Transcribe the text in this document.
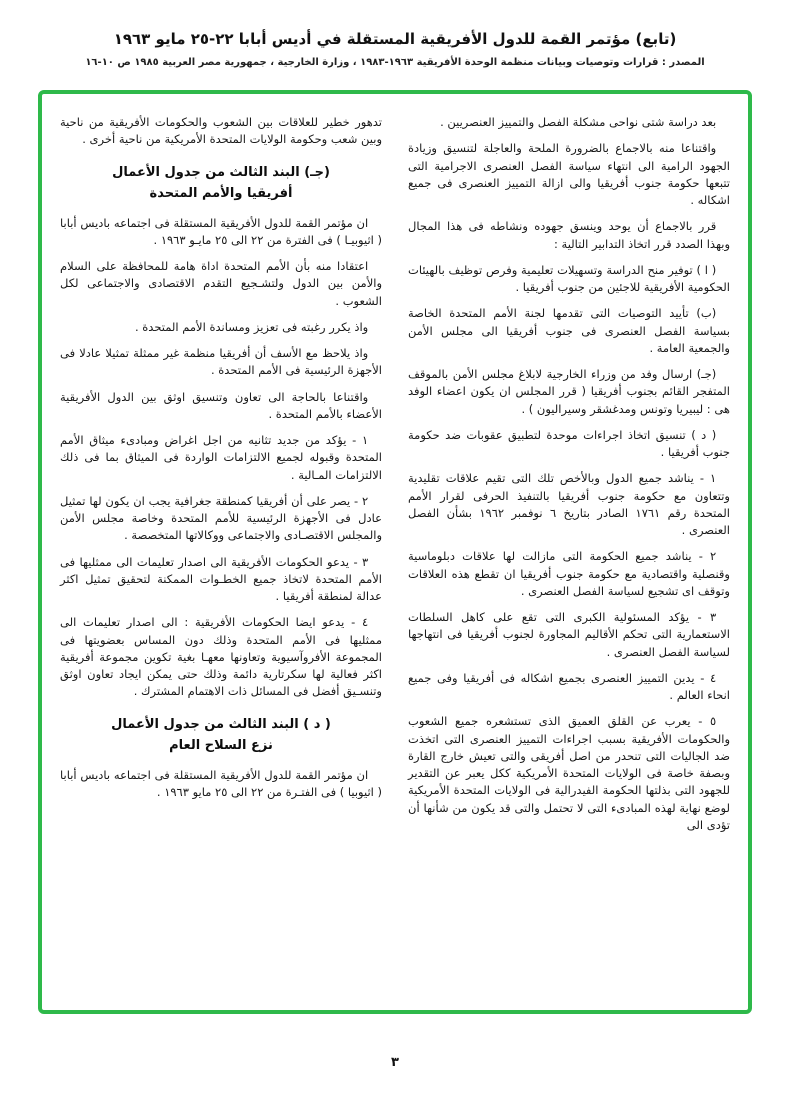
(تابع) مؤتمر القمة للدول الأفريقية المستقلة في أديس أبابا ٢٢-٢٥ مايو ١٩٦٣

المصدر : قرارات وتوصيات وبيانات منظمة الوحدة الأفريقية ١٩٦٣-١٩٨٣ ، وزارة الخارجية ، جمهورية مصر العربية ١٩٨٥ ص ١٠-١٦

بعد دراسة شتى نواحى مشكلة الفصل والتمييز العنصريين .

واقتناعا منه بالاجماع بالضرورة الملحة والعاجلة لتنسيق وزيادة الجهود الرامية الى انتهاء سياسة الفصل العنصرى الاجرامية التى تتبعها حكومة جنوب أفريقيا والى ازالة التمييز العنصرى فى جميع اشكاله .

قرر بالاجماع أن يوحد وينسق جهوده ونشاطه فى هذا المجال وبهذا الصدد قرر اتخاذ التدابير التالية :

( ا ) توفير منح الدراسة وتسهيلات تعليمية وفرص توظيف بالهيئات الحكومية الأفريقية للاجئين من جنوب أفريقيا .

(ب) تأييد التوصيات التى تقدمها لجنة الأمم المتحدة الخاصة بسياسة الفصل العنصرى فى جنوب أفريقيا الى مجلس الأمن والجمعية العامة .

(جـ) ارسال وفد من وزراء الخارجية لابلاغ مجلس الأمن بالموقف المتفجر القائم بجنوب أفريقيا ( قرر المجلس ان يكون اعضاء الوفد هى : ليبيريا وتونس ومدغشقر وسيراليون ) .

( د ) تنسيق اتخاذ اجراءات موحدة لتطبيق عقوبات ضد حكومة جنوب أفريقيا .

١ - يناشد جميع الدول وبالأخص تلك التى تقيم علاقات تقليدية وتتعاون مع حكومة جنوب أفريقيا بالتنفيذ الحرفى لقرار الأمم المتحدة رقم ١٧٦١ الصادر بتاريخ ٦ نوفمبر ١٩٦٢ بشأن الفصل العنصرى .

٢ - يناشد جميع الحكومة التى مازالت لها علاقات دبلوماسية وقنصلية واقتصادية مع حكومة جنوب أفريقيا ان تقطع هذه العلاقات وتوقف اى تشجيع لسياسة الفصل العنصرى .

٣ - يؤكد المسئولية الكبرى التى تقع على كاهل السلطات الاستعمارية التى تحكم الأقاليم المجاورة لجنوب أفريقيا فى انتهاجها لسياسة الفصل العنصرى .

٤ - يدين التمييز العنصرى بجميع اشكاله فى أفريقيا وفى جميع انحاء العالم .

٥ - يعرب عن القلق العميق الذى تستشعره جميع الشعوب والحكومات الأفريقية بسبب اجراءات التمييز العنصرى التى اتخذت ضد الجاليات التى تنحدر من اصل أفريقى والتى تعيش خارج القارة وبصفة خاصة فى الولايات المتحدة الأمريكية ككل يعبر عن التقدير للجهود التى بذلتها الحكومة الفيدرالية فى الولايات المتحدة الأمريكية لوضع نهاية لهذه المبادىء التى لا تحتمل والتى قد يكون من شأنها أن تؤدى الى

تدهور خطير للعلاقات بين الشعوب والحكومات الأفريقية من ناحية وبين شعب وحكومة الولايات المتحدة الأمريكية من ناحية أخرى .

(جـ) البند الثالث من جدول الأعمال
أفريقيا والأمم المتحدة

ان مؤتمر القمة للدول الأفريقية المستقلة فى اجتماعه باديس أبابا ( اثيوبيـا ) فى الفترة من ٢٢ الى ٢٥ مايـو ١٩٦٣ .

اعتقادا منه بأن الأمم المتحدة اداة هامة للمحافظة على السلام والأمن بين الدول ولتشـجيع التقدم الاقتصادى والاجتماعى لكل الشعوب .

واذ يكرر رغبته فى تعزيز ومساندة الأمم المتحدة .

واذ يلاحظ مع الأسف أن أفريقيا منظمة غير ممثلة تمثيلا عادلا فى الأجهزة الرئيسية فى الأمم المتحدة .

واقتناعا بالحاجة الى تعاون وتنسيق اوثق بين الدول الأفريقية الأعضاء بالأمم المتحدة .

١ - يؤكد من جديد تثانيه من اجل اغراض ومبادىء ميثاق الأمم المتحدة وقبوله لجميع الالتزامات الواردة فى الميثاق بما فى ذلك الالتزامات المـالية .

٢ - يصر على أن أفريقيا كمنطقة جغرافية يجب ان يكون لها تمثيل عادل فى الأجهزة الرئيسية للأمم المتحدة وخاصة مجلس الأمن والمجلس الاقتصـادى والاجتماعى ووكالاتها المتخصصة .

٣ - يدعو الحكومات الأفريقية الى اصدار تعليمات الى ممثليها فى الأمم المتحدة لاتخاذ جميع الخطـوات الممكنة لتحقيق تمثيل اكثر عدالة لمنطقة أفريقيا .

٤ - يدعو ايضا الحكومات الأفريقية : الى اصدار تعليمات الى ممثليها فى الأمم المتحدة وذلك دون المساس بعضويتها فى المجموعة الأفروآسيوية وتعاونها معهـا بغية تكوين مجموعة أفريقية اكثر فعالية لها سكرتارية دائمة وذلك حتى يمكن ايجاد تعاون اوثق وتنسـيق أفضل فى المسائل ذات الاهتمام المشترك .

( د ) البند الثالث من جدول الأعمال
نزع السلاح العام

ان مؤتمر القمة للدول الأفريقية المستقلة فى اجتماعه باديس أبابا ( اثيوبيا ) فى الفتـرة من ٢٢ الى ٢٥ مايو ١٩٦٣ .

٣
